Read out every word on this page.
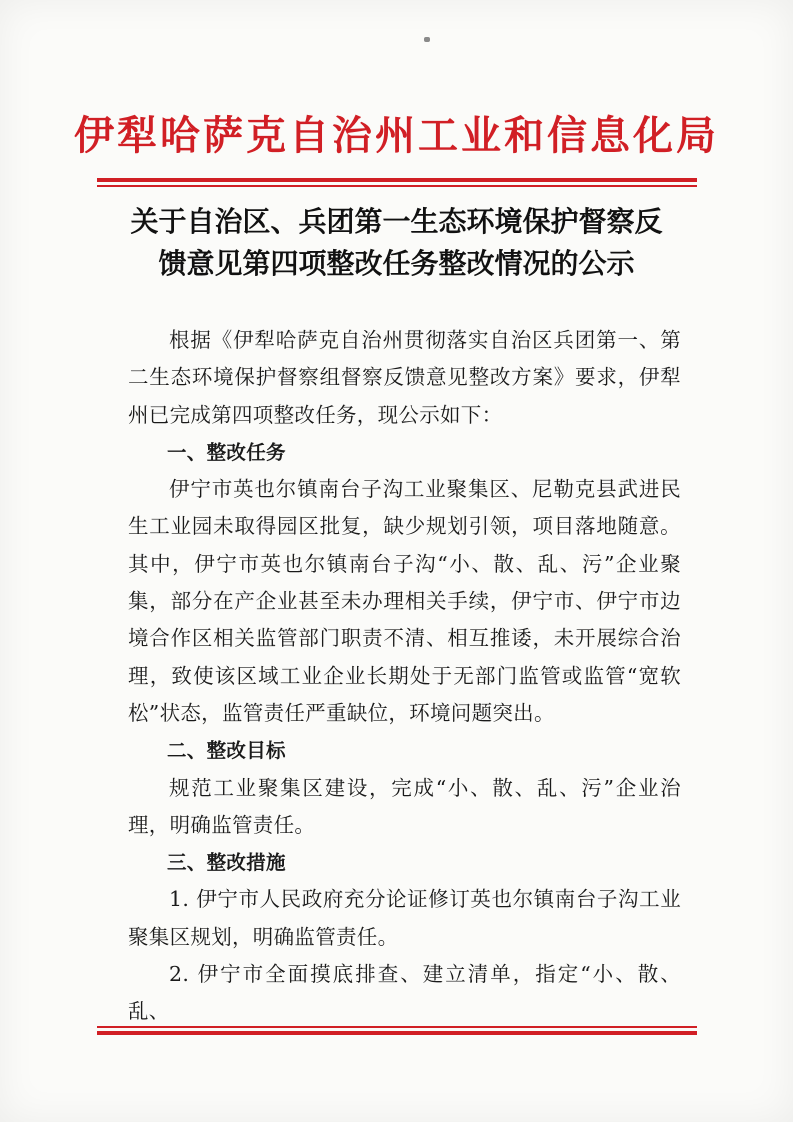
伊犁哈萨克自治州工业和信息化局
关于自治区、兵团第一生态环境保护督察反
馈意见第四项整改任务整改情况的公示

根据《伊犁哈萨克自治州贯彻落实自治区兵团第一、第二生态环境保护督察组督察反馈意见整改方案》要求，伊犁州已完成第四项整改任务，现公示如下：

一、整改任务

伊宁市英也尔镇南台子沟工业聚集区、尼勒克县武进民生工业园未取得园区批复，缺少规划引领，项目落地随意。其中，伊宁市英也尔镇南台子沟“小、散、乱、污”企业聚集，部分在产企业甚至未办理相关手续，伊宁市、伊宁市边境合作区相关监管部门职责不清、相互推诿，未开展综合治理，致使该区域工业企业长期处于无部门监管或监管“宽软松”状态，监管责任严重缺位，环境问题突出。

二、整改目标

规范工业聚集区建设，完成“小、散、乱、污”企业治理，明确监管责任。

三、整改措施

1. 伊宁市人民政府充分论证修订英也尔镇南台子沟工业聚集区规划，明确监管责任。

2. 伊宁市全面摸底排查、建立清单，指定“小、散、乱、
